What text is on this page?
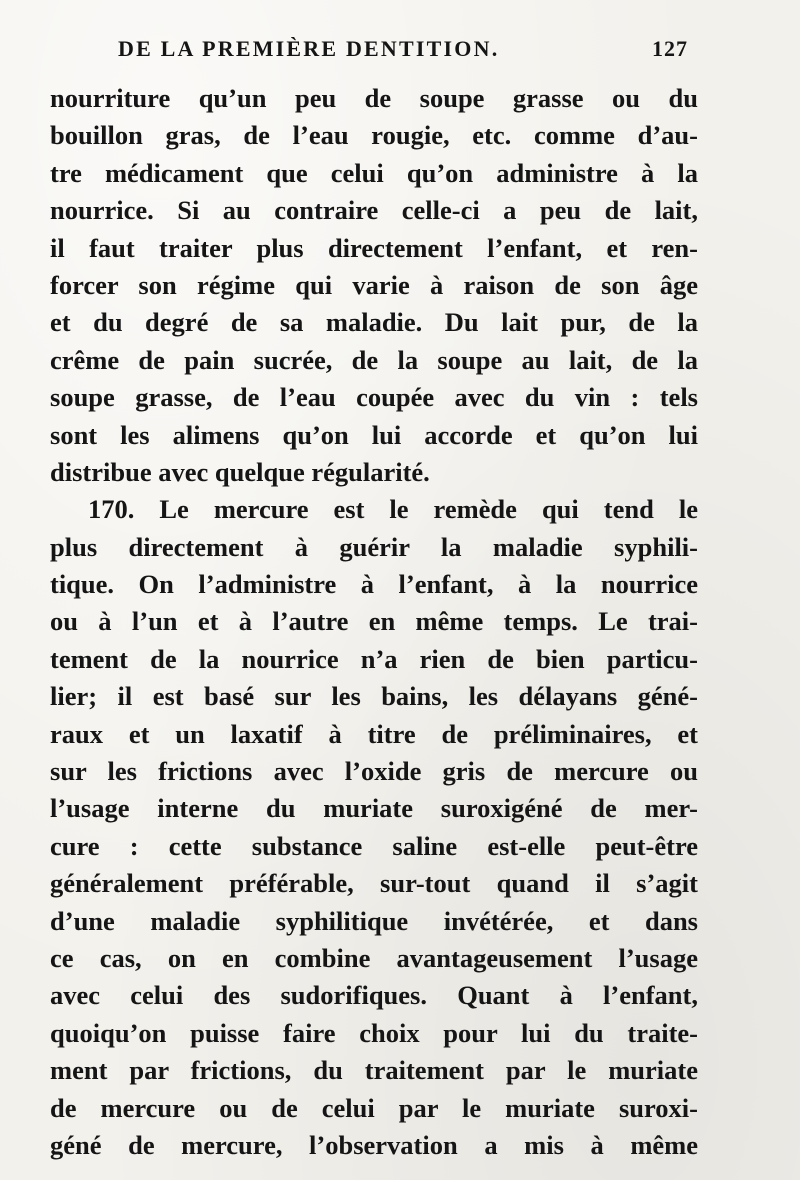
DE LA PREMIÈRE DENTITION.	127
nourriture qu’un peu de soupe grasse ou du
bouillon gras, de l’eau rougie, etc. comme d’au-
tre médicament que celui qu’on administre à la
nourrice. Si au contraire celle-ci a peu de lait,
il faut traiter plus directement l’enfant, et ren-
forcer son régime qui varie à raison de son âge
et du degré de sa maladie. Du lait pur, de la
crême de pain sucrée, de la soupe au lait, de la
soupe grasse, de l’eau coupée avec du vin : tels
sont les alimens qu’on lui accorde et qu’on lui
distribue avec quelque régularité.
170. Le mercure est le remède qui tend le
plus directement à guérir la maladie syphili-
tique. On l’administre à l’enfant, à la nourrice
ou à l’un et à l’autre en même temps. Le trai-
tement de la nourrice n’a rien de bien particu-
lier; il est basé sur les bains, les délayans géné-
raux et un laxatif à titre de préliminaires, et
sur les frictions avec l’oxide gris de mercure ou
l’usage interne du muriate suroxigéné de mer-
cure : cette substance saline est-elle peut-être
généralement préférable, sur-tout quand il s’agit
d’une maladie syphilitique invétérée, et dans
ce cas, on en combine avantageusement l’usage
avec celui des sudorifiques. Quant à l’enfant,
quoiqu’on puisse faire choix pour lui du traite-
ment par frictions, du traitement par le muriate
de mercure ou de celui par le muriate suroxi-
géné de mercure, l’observation a mis à même
